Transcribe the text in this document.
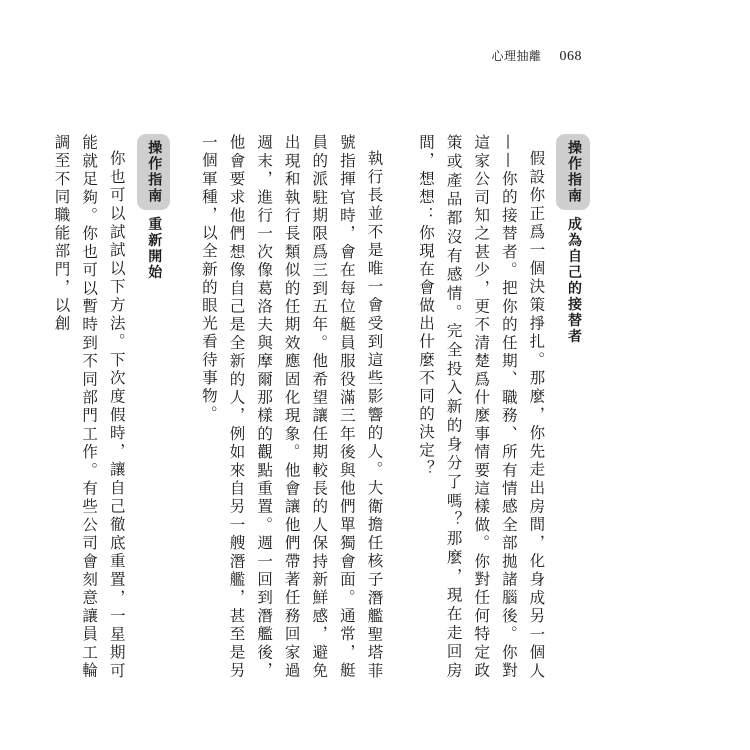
心理抽離 068
操作指南 成為自己的接替者

假設你正爲一個決策掙扎。那麼，你先走出房間，化身成另一個人——你的接替者。把你的任期、職務、所有情感全部拋諸腦後。你對這家公司知之甚少，更不清楚爲什麼事情要這樣做。你對任何特定政策或產品都沒有感情。完全投入新的身分了嗎？那麼，現在走回房間，想想：你現在會做出什麼不同的決定？

執行長並不是唯一會受到這些影響的人。大衛擔任核子潛艦聖塔菲號指揮官時，會在每位艇員服役滿三年後與他們單獨會面。通常，艇員的派駐期限爲三到五年。他希望讓任期較長的人保持新鮮感，避免出現和執行長類似的任期效應固化現象。他會讓他們帶著任務回家過週末，進行一次像葛洛夫與摩爾那樣的觀點重置。週一回到潛艦後，他會要求他們想像自己是全新的人，例如來自另一艘潛艦，甚至是另一個軍種，以全新的眼光看待事物。

操作指南 重新開始

你也可以試試以下方法。下次度假時，讓自己徹底重置，一星期可能就足夠。你也可以暫時到不同部門工作。有些公司會刻意讓員工輪調至不同職能部門，以創
